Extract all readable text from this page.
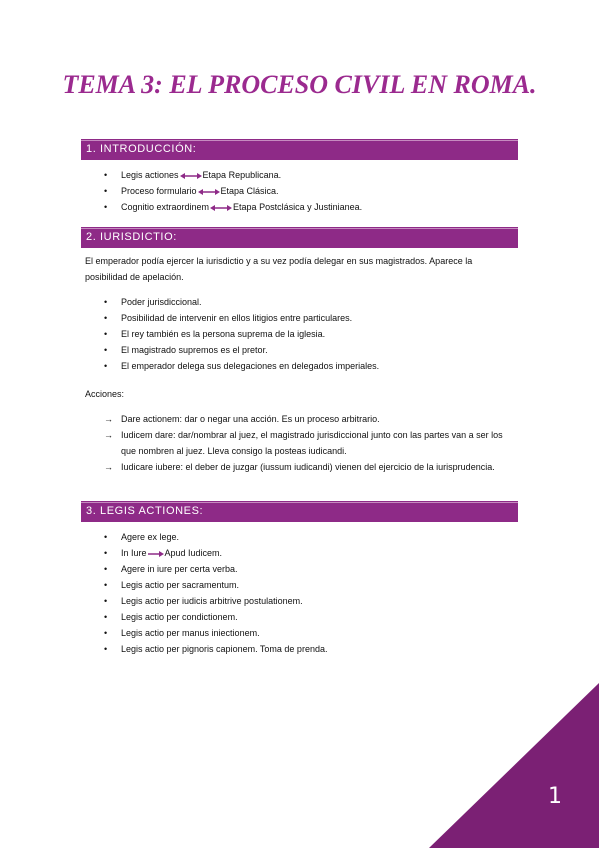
TEMA 3: EL PROCESO CIVIL EN ROMA.
1. INTRODUCCIÓN:
• Legis actiones	Etapa Republicana.
• Proceso formulario	Etapa Clásica.
• Cognitio extraordinem	Etapa Postclásica y Justinianea.
2. IURISDICTIO:
El emperador podía ejercer la iurisdictio y a su vez podía delegar en sus magistrados. Aparece la posibilidad de apelación.
• Poder jurisdiccional.
• Posibilidad de intervenir en ellos litigios entre particulares.
• El rey también es la persona suprema de la iglesia.
• El magistrado supremos es el pretor.
• El emperador delega sus delegaciones en delegados imperiales.
Acciones:
→ Dare actionem: dar o negar una acción. Es un proceso arbitrario.
→ Iudicem dare: dar/nombrar al juez, el magistrado jurisdiccional junto con las partes van a ser los que nombren al juez. Lleva consigo la posteas iudicandi.
→ Iudicare iubere: el deber de juzgar (iussum iudicandi) vienen del ejercicio de la iurisprudencia.
3. LEGIS ACTIONES:
• Agere ex lege.
• In Iure Apud Iudicem.
• Agere in iure per certa verba.
• Legis actio per sacramentum.
• Legis actio per iudicis arbitrive postulationem.
• Legis actio per condictionem.
• Legis actio per manus iniectionem.
• Legis actio per pignoris capionem. Toma de prenda.
1
